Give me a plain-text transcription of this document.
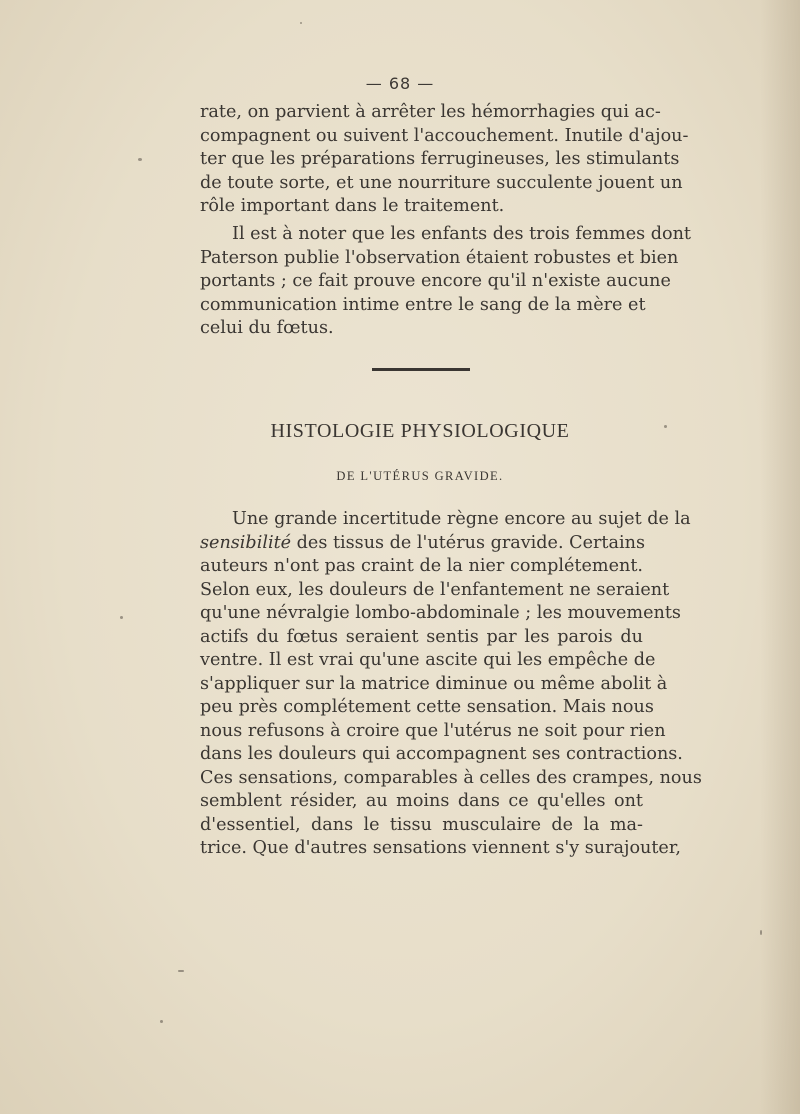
— 68 —
rate, on parvient à arrêter les hémorrhagies qui ac-
compagnent ou suivent l'accouchement. Inutile d'ajou-
ter que les préparations ferrugineuses, les stimulants
de toute sorte, et une nourriture succulente jouent un
rôle important dans le traitement.
Il est à noter que les enfants des trois femmes dont
Paterson publie l'observation étaient robustes et bien
portants ; ce fait prouve encore qu'il n'existe aucune
communication intime entre le sang de la mère et
celui du fœtus.
HISTOLOGIE PHYSIOLOGIQUE
DE L'UTÉRUS GRAVIDE.
Une grande incertitude règne encore au sujet de la
sensibilité des tissus de l'utérus gravide. Certains
auteurs n'ont pas craint de la nier complétement.
Selon eux, les douleurs de l'enfantement ne seraient
qu'une névralgie lombo-abdominale ; les mouvements
actifs du fœtus seraient sentis par les parois du
ventre. Il est vrai qu'une ascite qui les empêche de
s'appliquer sur la matrice diminue ou même abolit à
peu près complétement cette sensation. Mais nous
nous refusons à croire que l'utérus ne soit pour rien
dans les douleurs qui accompagnent ses contractions.
Ces sensations, comparables à celles des crampes, nous
semblent résider, au moins dans ce qu'elles ont
d'essentiel, dans le tissu musculaire de la ma-
trice. Que d'autres sensations viennent s'y surajouter,
